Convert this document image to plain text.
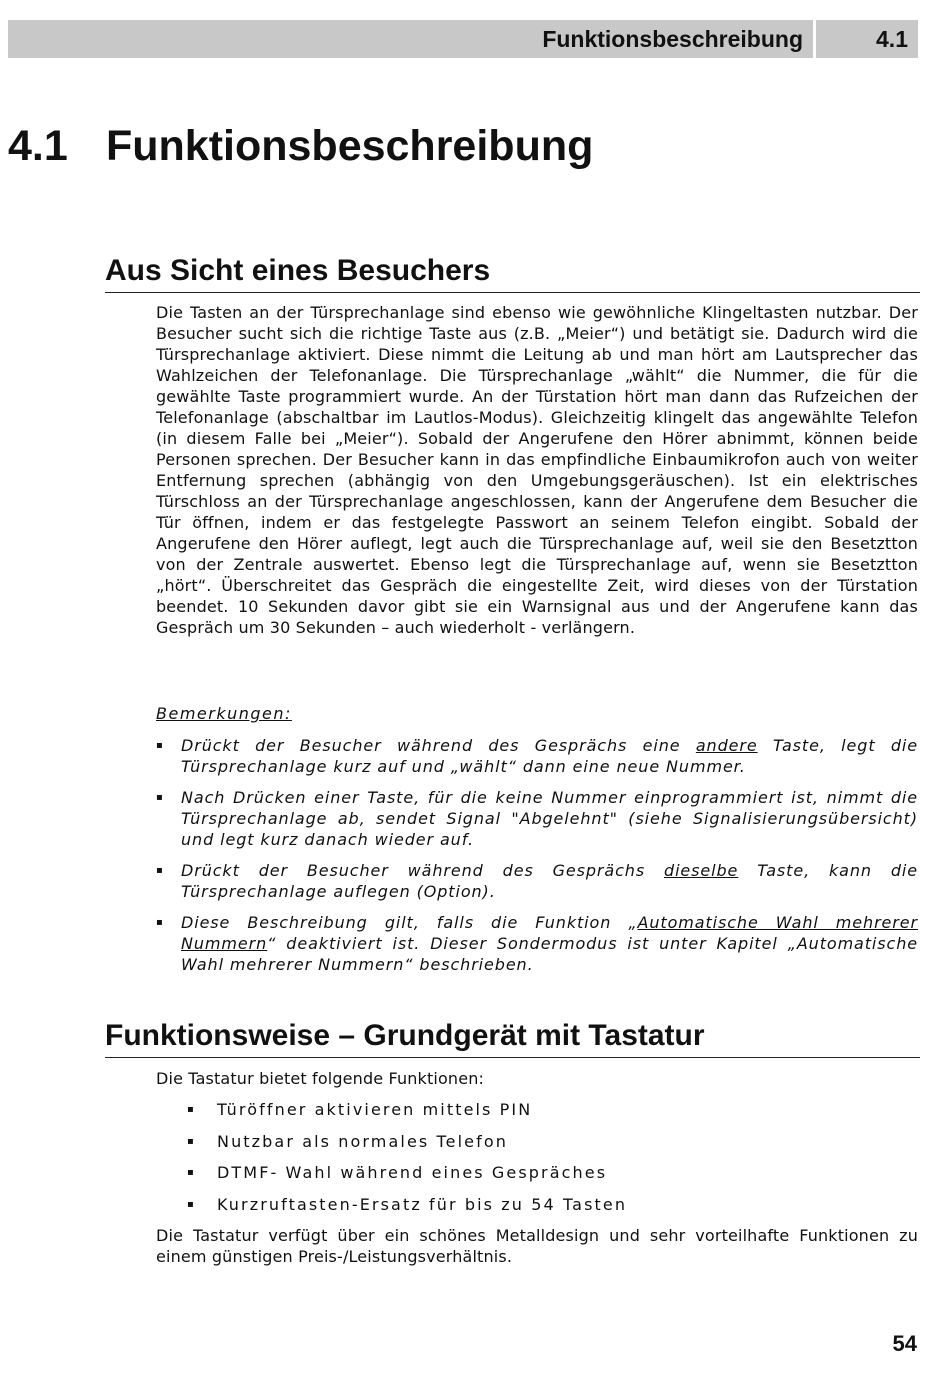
Funktionsbeschreibung	4.1
4.1 Funktionsbeschreibung
Aus Sicht eines Besuchers

Die Tasten an der Türsprechanlage sind ebenso wie gewöhnliche Klingeltasten nutzbar. Der Besucher sucht sich die richtige Taste aus (z.B. „Meier“) und betätigt sie. Dadurch wird die Türsprechanlage aktiviert. Diese nimmt die Leitung ab und man hört am Lautsprecher das Wahlzeichen der Telefonanlage. Die Türsprechanlage „wählt“ die Nummer, die für die gewählte Taste programmiert wurde. An der Türstation hört man dann das Rufzeichen der Telefonanlage (abschaltbar im Lautlos-Modus). Gleichzeitig klingelt das angewählte Telefon (in diesem Falle bei „Meier“). Sobald der Angerufene den Hörer abnimmt, können beide Personen sprechen. Der Besucher kann in das empfindliche Einbaumikrofon auch von weiter Entfernung sprechen (abhängig von den Umgebungsgeräuschen). Ist ein elektrisches Türschloss an der Türsprechanlage angeschlossen, kann der Angerufene dem Besucher die Tür öffnen, indem er das festgelegte Passwort an seinem Telefon eingibt. Sobald der Angerufene den Hörer auflegt, legt auch die Türsprechanlage auf, weil sie den Besetztton von der Zentrale auswertet. Ebenso legt die Türsprechanlage auf, wenn sie Besetztton „hört“. Überschreitet das Gespräch die eingestellte Zeit, wird dieses von der Türstation beendet. 10 Sekunden davor gibt sie ein Warnsignal aus und der Angerufene kann das Gespräch um 30 Sekunden – auch wiederholt - verlängern.

Bemerkungen:

▪ Drückt der Besucher während des Gesprächs eine andere Taste, legt die Türsprechanlage kurz auf und „wählt“ dann eine neue Nummer.
▪ Nach Drücken einer Taste, für die keine Nummer einprogrammiert ist, nimmt die Türsprechanlage ab, sendet Signal "Abgelehnt" (siehe Signalisierungsübersicht) und legt kurz danach wieder auf.
▪ Drückt der Besucher während des Gesprächs dieselbe Taste, kann die Türsprechanlage auflegen (Option).
▪ Diese Beschreibung gilt, falls die Funktion „Automatische Wahl mehrerer Nummern“ deaktiviert ist. Dieser Sondermodus ist unter Kapitel „Automatische Wahl mehrerer Nummern“ beschrieben.
Funktionsweise – Grundgerät mit Tastatur

Die Tastatur bietet folgende Funktionen:

▪ Türöffner aktivieren mittels PIN
▪ Nutzbar als normales Telefon
▪ DTMF- Wahl während eines Gespräches
▪ Kurzruftasten-Ersatz für bis zu 54 Tasten

Die Tastatur verfügt über ein schönes Metalldesign und sehr vorteilhafte Funktionen zu einem günstigen Preis-/Leistungsverhältnis.

54
